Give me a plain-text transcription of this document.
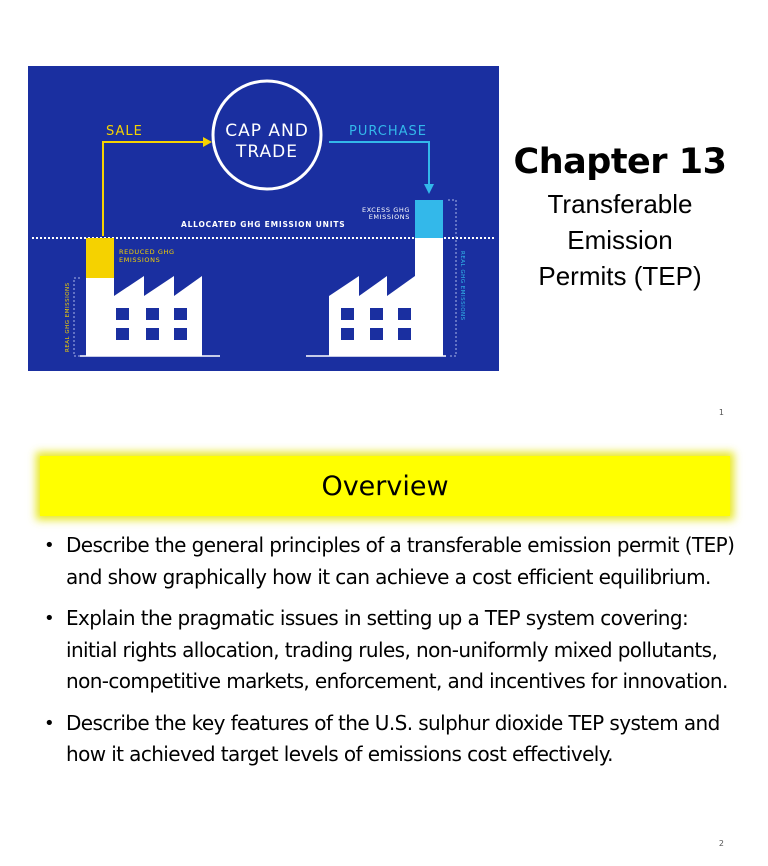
CAP AND
TRADE
SALE	PURCHASE
ALLOCATED GHG EMISSION UNITS
EXCESS GHG
EMISSIONS
REDUCED GHG
EMISSIONS
NOVA SCOTIA EMITTER A	NOVA SCOTIA EMITTER B
REAL GHG EMISSIONS	REAL GHG EMISSIONS
Chapter 13
Transferable
Emission
Permits (TEP)
1
Overview
• Describe the general principles of a transferable emission permit (TEP) and show graphically how it can achieve a cost efficient equilibrium.
• Explain the pragmatic issues in setting up a TEP system covering: initial rights allocation, trading rules, non-uniformly mixed pollutants, non-competitive markets, enforcement, and incentives for innovation.
• Describe the key features of the U.S. sulphur dioxide TEP system and how it achieved target levels of emissions cost effectively.
2
